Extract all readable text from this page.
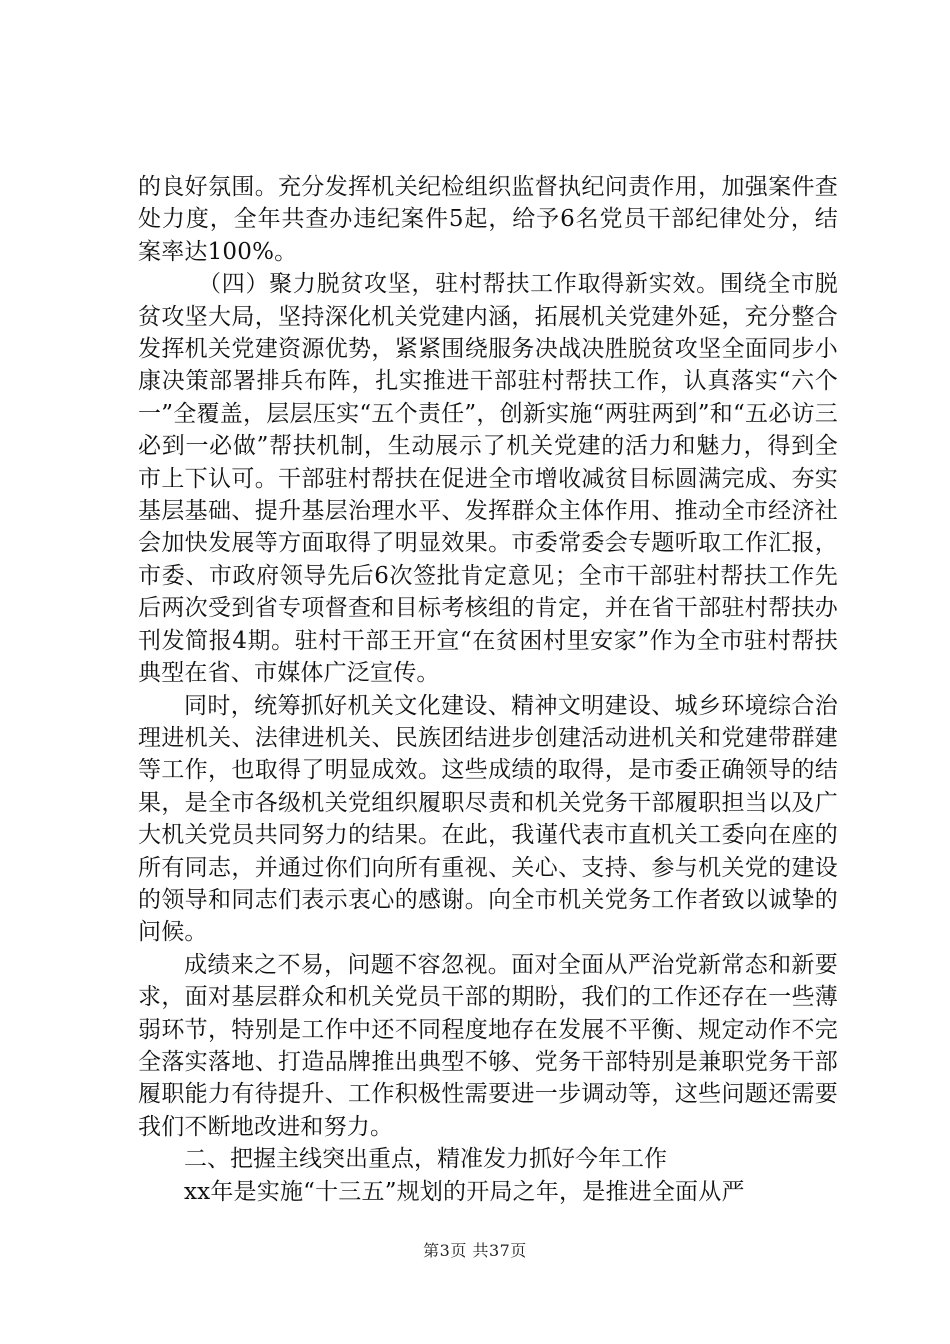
的良好氛围。充分发挥机关纪检组织监督执纪问责作用，加强案件查处力度，全年共查办违纪案件5起，给予6名党员干部纪律处分，结案率达100%。

（四）聚力脱贫攻坚，驻村帮扶工作取得新实效。围绕全市脱贫攻坚大局，坚持深化机关党建内涵，拓展机关党建外延，充分整合发挥机关党建资源优势，紧紧围绕服务决战决胜脱贫攻坚全面同步小康决策部署排兵布阵，扎实推进干部驻村帮扶工作，认真落实“六个一”全覆盖，层层压实“五个责任”，创新实施“两驻两到”和“五必访三必到一必做”帮扶机制，生动展示了机关党建的活力和魅力，得到全市上下认可。干部驻村帮扶在促进全市增收减贫目标圆满完成、夯实基层基础、提升基层治理水平、发挥群众主体作用、推动全市经济社会加快发展等方面取得了明显效果。市委常委会专题听取工作汇报，市委、市政府领导先后6次签批肯定意见；全市干部驻村帮扶工作先后两次受到省专项督查和目标考核组的肯定，并在省干部驻村帮扶办刊发简报4期。驻村干部王开宣“在贫困村里安家”作为全市驻村帮扶典型在省、市媒体广泛宣传。

同时，统筹抓好机关文化建设、精神文明建设、城乡环境综合治理进机关、法律进机关、民族团结进步创建活动进机关和党建带群建等工作，也取得了明显成效。这些成绩的取得，是市委正确领导的结果，是全市各级机关党组织履职尽责和机关党务干部履职担当以及广大机关党员共同努力的结果。在此，我谨代表市直机关工委向在座的所有同志，并通过你们向所有重视、关心、支持、参与机关党的建设的领导和同志们表示衷心的感谢。向全市机关党务工作者致以诚挚的问候。

成绩来之不易，问题不容忽视。面对全面从严治党新常态和新要求，面对基层群众和机关党员干部的期盼，我们的工作还存在一些薄弱环节，特别是工作中还不同程度地存在发展不平衡、规定动作不完全落实落地、打造品牌推出典型不够、党务干部特别是兼职党务干部履职能力有待提升、工作积极性需要进一步调动等，这些问题还需要我们不断地改进和努力。

二、把握主线突出重点，精准发力抓好今年工作

xx年是实施“十三五”规划的开局之年，是推进全面从严

第3页 共37页
